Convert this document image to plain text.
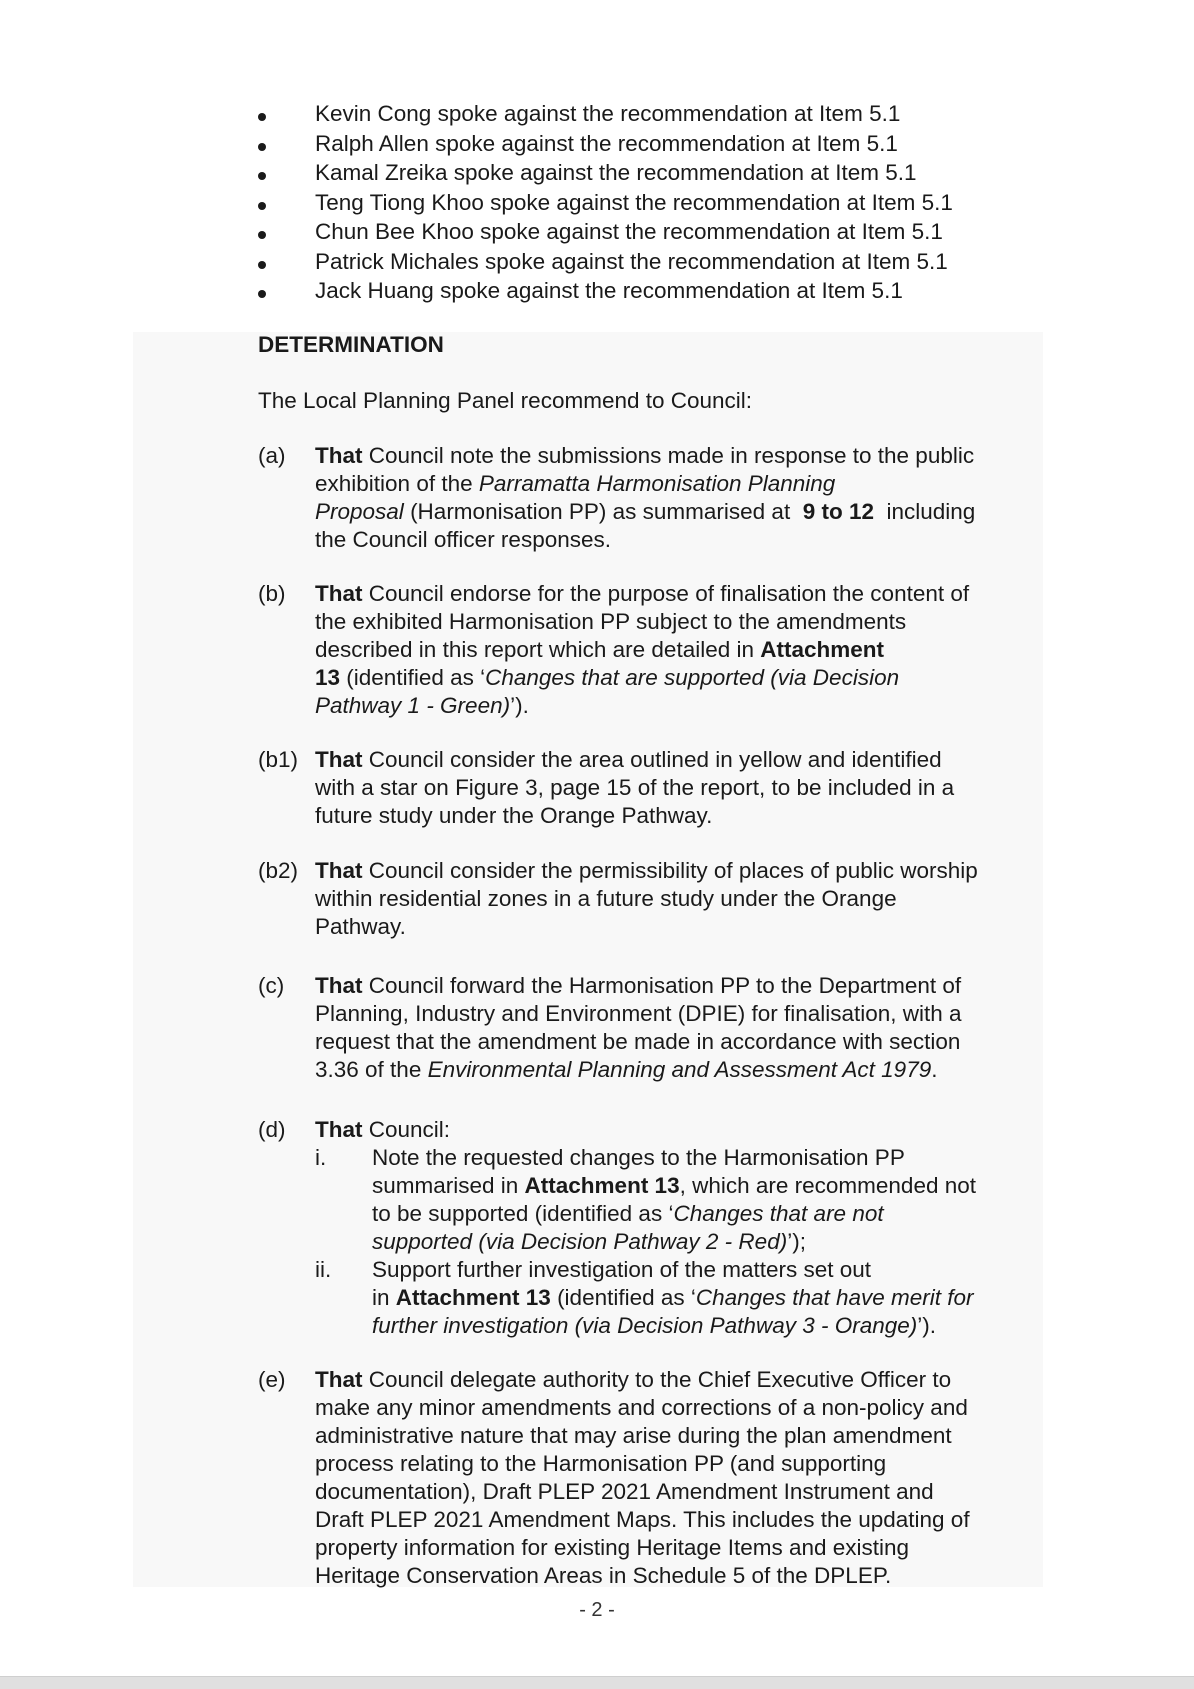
Kevin Cong spoke against the recommendation at Item 5.1
Ralph Allen spoke against the recommendation at Item 5.1
Kamal Zreika spoke against the recommendation at Item 5.1
Teng Tiong Khoo spoke against the recommendation at Item 5.1
Chun Bee Khoo spoke against the recommendation at Item 5.1
Patrick Michales spoke against the recommendation at Item 5.1
Jack Huang spoke against the recommendation at Item 5.1
DETERMINATION
The Local Planning Panel recommend to Council:
(a) That Council note the submissions made in response to the public
exhibition of the Parramatta Harmonisation Planning
Proposal (Harmonisation PP) as summarised at  9 to 12  including
the Council officer responses.
(b) That Council endorse for the purpose of finalisation the content of
the exhibited Harmonisation PP subject to the amendments
described in this report which are detailed in Attachment
13 (identified as ‘Changes that are supported (via Decision
Pathway 1 - Green)’).
(b1) That Council consider the area outlined in yellow and identified
with a star on Figure 3, page 15 of the report, to be included in a
future study under the Orange Pathway.
(b2) That Council consider the permissibility of places of public worship
within residential zones in a future study under the Orange
Pathway.
(c) That Council forward the Harmonisation PP to the Department of
Planning, Industry and Environment (DPIE) for finalisation, with a
request that the amendment be made in accordance with section
3.36 of the Environmental Planning and Assessment Act 1979.
(d) That Council:
i. Note the requested changes to the Harmonisation PP
summarised in Attachment 13, which are recommended not
to be supported (identified as ‘Changes that are not
supported (via Decision Pathway 2 - Red)’);
ii. Support further investigation of the matters set out
in Attachment 13 (identified as ‘Changes that have merit for
further investigation (via Decision Pathway 3 - Orange)’).
(e) That Council delegate authority to the Chief Executive Officer to
make any minor amendments and corrections of a non-policy and
administrative nature that may arise during the plan amendment
process relating to the Harmonisation PP (and supporting
documentation), Draft PLEP 2021 Amendment Instrument and
Draft PLEP 2021 Amendment Maps. This includes the updating of
property information for existing Heritage Items and existing
Heritage Conservation Areas in Schedule 5 of the DPLEP.
- 2 -
